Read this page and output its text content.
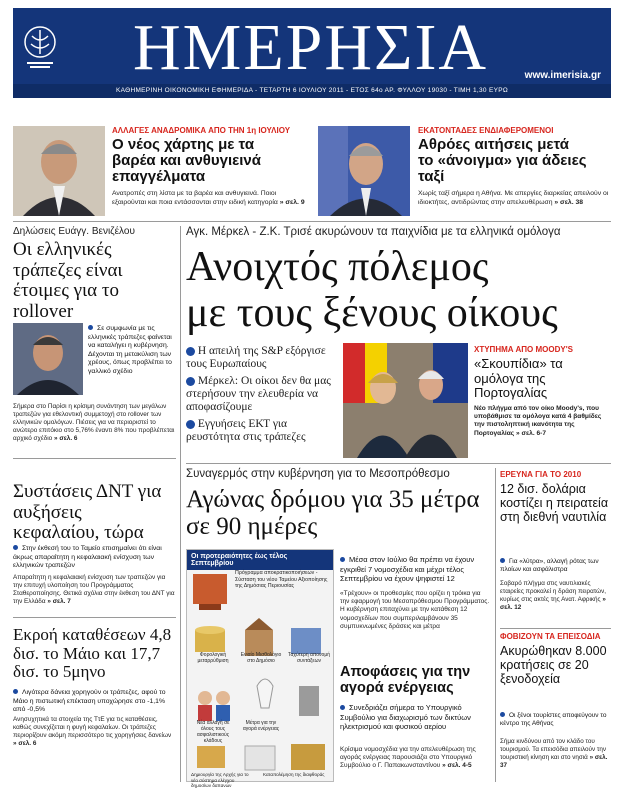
ΗΜΕΡΗΣΙΑ	www.imerisia.gr
ΚΑΘΗΜΕΡΙΝΗ ΟΙΚΟΝΟΜΙΚΗ ΕΦΗΜΕΡΙΔΑ - ΤΕΤΑΡΤΗ 6 ΙΟΥΛΙΟΥ 2011 - ΕΤΟΣ 64ο ΑΡ. ΦΥΛΛΟΥ 19030 - ΤΙΜΗ 1,30 ΕΥΡΩ
ΑΛΛΑΓΕΣ ΑΝΑΔΡΟΜΙΚΑ ΑΠΟ ΤΗΝ 1η ΙΟΥΛΙΟΥ
Ο νέος χάρτης με τα βαρέα και ανθυγιεινά επαγγέλματα
Ανατροπές στη λίστα με τα βαρέα και ανθυγιεινά. Ποιοι εξαιρούνται και ποια εντάσσονται στην ειδική κατηγορία » σελ. 9
ΕΚΑΤΟΝΤΑΔΕΣ ΕΝΔΙΑΦΕΡΟΜΕΝΟΙ
Αθρόες αιτήσεις μετά το «άνοιγμα» για άδειες ταξί
Χωρίς ταξί σήμερα η Αθήνα. Με απεργίες διαρκείας απειλούν οι ιδιοκτήτες, αντιδρώντας στην απελευθέρωση » σελ. 38
Δηλώσεις Ευάγγ. Βενιζέλου
Οι ελληνικές τράπεζες είναι έτοιμες για το rollover
Σε συμφωνία με τις ελληνικές τράπεζες φαίνεται να καταλήγει η κυβέρνηση. Δέχονται τη μετακύλιση των χρέους, όπως προβλέπει το γαλλικό σχέδιο
Σήμερα στο Παρίσι η κρίσιμη συνάντηση των μεγάλων τραπεζών για εθελοντική συμμετοχή στο rollover των ελληνικών ομολόγων. Πιέσεις για να περιοριστεί το ανώτερο επιτόκιο στο 5,76% έναντι 8% που προβλέπεται αρχικό σχέδιο » σελ. 6
Συστάσεις ΔΝΤ για αυξήσεις κεφαλαίου, τώρα
Στην έκθεσή του το Ταμείο επισημαίνει ότι είναι άκρως απαραίτητη η κεφαλαιακή ενίσχυση των ελληνικών τραπεζών
Απαραίτητη η κεφαλαιακή ενίσχυση των τραπεζών για την επιτυχή υλοποίηση του Προγράμματος Σταθεροποίησης. Θετικά σχόλια στην έκθεση του ΔΝΤ για την Ελλάδα » σελ. 7
Εκροή καταθέσεων 4,8 δισ. το Μάιο και 17,7 δισ. το 5μηνο
Λιγότερα δάνεια χορηγούν οι τράπεζες, αφού το Μάιο η πιστωτική επέκταση υποχώρησε στο -1,1% από -0,5%
Ανησυχητικά τα στοιχεία της ΤτΕ για τις καταθέσεις, καθώς συνεχίζεται η φυγή κεφαλαίων. Οι τράπεζες περιορίζουν ακόμη περισσότερο τις χορηγήσεις δανείων » σελ. 6
Αγκ. Μέρκελ - Ζ.Κ. Τρισέ ακυρώνουν τα παιχνίδια με τα ελληνικά ομόλογα
Ανοιχτός πόλεμος
με τους ξένους οίκους
Η απειλή της S&P εξόργισε τους Ευρωπαίους
Μέρκελ: Οι οίκοι δεν θα μας στερήσουν την ελευθερία να αποφασίζουμε
Εγγυήσεις ΕΚΤ για ρευστότητα στις τράπεζες
ΧΤΥΠΗΜΑ ΑΠΟ MOODY'S
«Σκουπίδια» τα ομόλογα της Πορτογαλίας
Νέο πλήγμα από τον οίκο Moody's, που υποβάθμισε τα ομόλογα κατά 4 βαθμίδες την πιστοληπτική ικανότητα της Πορτογαλίας » σελ. 6-7
Συναγερμός στην κυβέρνηση για το Μεσοπρόθεσμο
Αγώνας δρόμου για 35 μέτρα σε 90 ημέρες
Οι προτεραιότητες έως τέλος Σεπτεμβρίου
Πρόγραμμα αποκρατικοποιήσεων - Σύσταση του νέου Ταμείου Αξιοποίησης της Δημόσιας Περιουσίας
Φορολογική μεταρρύθμιση
Ενιαίο Μισθολόγιο στο Δημόσιο
Ταχύτερη απονομή συντάξεων
Νέα αλλαγή σε όλους τους ασφαλιστικούς κλάδους
Μέτρα για την αγορά ενέργειας
Δημιουργία της Αρχής για το νέο σύστημα ελέγχου δημοσίων δαπανών
Καταπολέμηση της διαφθοράς
Μέσα στον Ιούλιο θα πρέπει να έχουν εγκριθεί 7 νομοσχέδια και μέχρι τέλος Σεπτεμβρίου να έχουν ψηφιστεί 12
«Τρέχουν» οι προθεσμίες που ορίζει η τρόικα για την εφαρμογή του Μεσοπρόθεσμου Προγράμματος. Η κυβέρνηση επιταχύνει με την κατάθεση 12 νομοσχεδίων που συμπεριλαμβάνουν 35 συμπυκνωμένες δράσεις και μέτρα
Αποφάσεις για την αγορά ενέργειας
Συνεδριάζει σήμερα το Υπουργικό Συμβούλιο για διαχωρισμό των δικτύων ηλεκτρισμού και φυσικού αερίου
Κρίσιμα νομοσχέδια για την απελευθέρωση της αγοράς ενέργειας παρουσιάζει στο Υπουργικό Συμβούλιο ο Γ. Παπακωνσταντίνου » σελ. 4-5
ΕΡΕΥΝΑ ΓΙΑ ΤΟ 2010
12 δισ. δολάρια κοστίζει η πειρατεία στη διεθνή ναυτιλία
Για «λύτρα», αλλαγή ρότας των πλοίων και ασφάλιστρα
Σοβαρό πλήγμα στις ναυτιλιακές εταιρείες προκαλεί η δράση πειρατών, κυρίως στις ακτές της Ανατ. Αφρικής » σελ. 12
ΦΟΒΙΖΟΥΝ ΤΑ ΕΠΕΙΣΟΔΙΑ
Ακυρώθηκαν 8.000 κρατήσεις σε 20 ξενοδοχεία
Οι ξένοι τουρίστες αποφεύγουν το κέντρο της Αθήνας
Σήμα κινδύνου από τον κλάδο του τουρισμού. Τα επεισόδια απειλούν την τουριστική κίνηση και στο νησιά » σελ. 37
